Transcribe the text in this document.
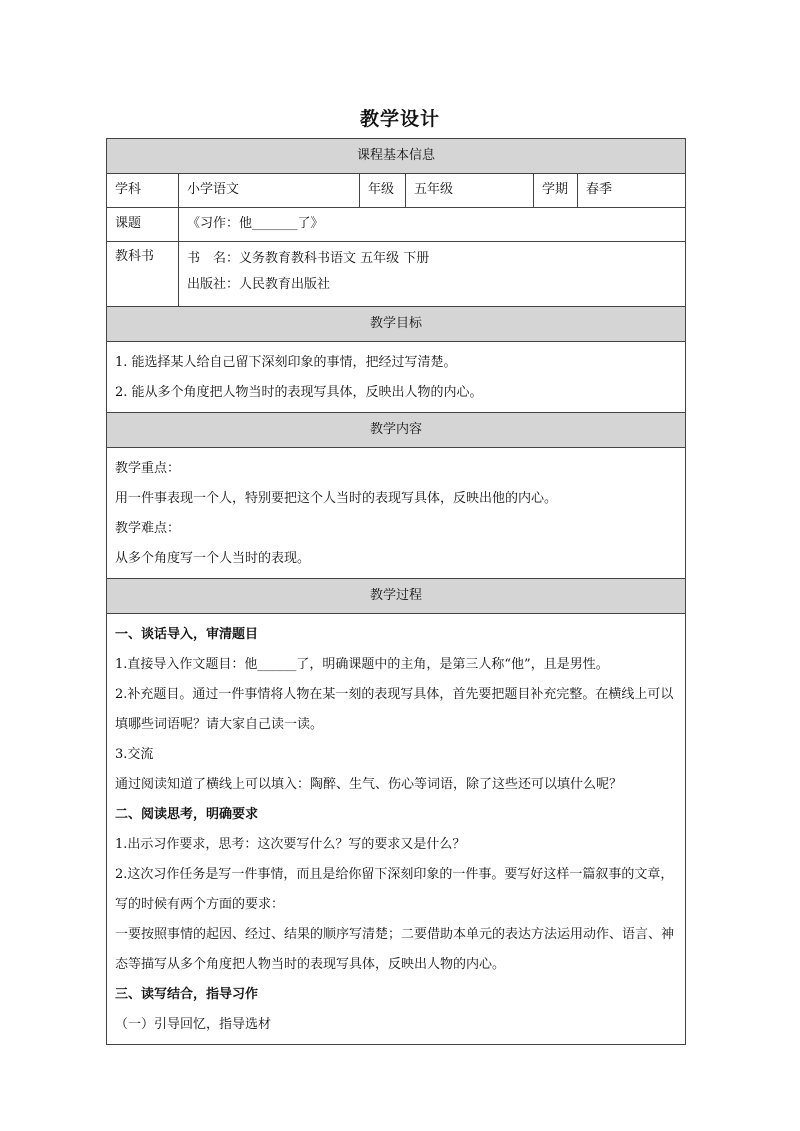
教学设计
课程基本信息
学科	小学语文	年级	五年级	学期	春季
课题	《习作：他_______了》
教科书	书　名：义务教育教科书语文 五年级 下册
出版社：人民教育出版社
教学目标
1. 能选择某人给自己留下深刻印象的事情，把经过写清楚。
2. 能从多个角度把人物当时的表现写具体，反映出人物的内心。
教学内容
教学重点：
用一件事表现一个人，特别要把这个人当时的表现写具体，反映出他的内心。
教学难点：
从多个角度写一个人当时的表现。
教学过程
一、谈话导入，审清题目
1.直接导入作文题目：他______了，明确课题中的主角，是第三人称“他”，且是男性。
2.补充题目。通过一件事情将人物在某一刻的表现写具体，首先要把题目补充完整。在横线上可以填哪些词语呢？请大家自己读一读。
3.交流
通过阅读知道了横线上可以填入：陶醉、生气、伤心等词语，除了这些还可以填什么呢？
二、阅读思考，明确要求
1.出示习作要求，思考：这次要写什么？写的要求又是什么？
2.这次习作任务是写一件事情，而且是给你留下深刻印象的一件事。要写好这样一篇叙事的文章，写的时候有两个方面的要求：
一要按照事情的起因、经过、结果的顺序写清楚；二要借助本单元的表达方法运用动作、语言、神态等描写从多个角度把人物当时的表现写具体，反映出人物的内心。
三、读写结合，指导习作
（一）引导回忆，指导选材
